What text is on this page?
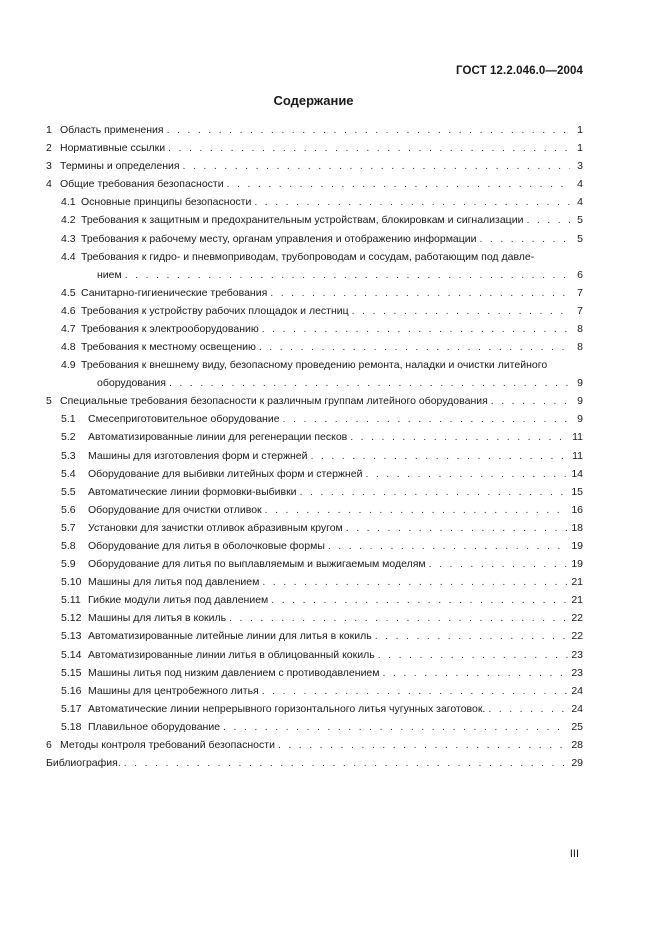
ГОСТ 12.2.046.0—2004
Содержание
1 Область применения . . .	1
2 Нормативные ссылки . . .	1
3 Термины и определения . . .	3
4 Общие требования безопасности . . .	4
4.1 Основные принципы безопасности . . .	4
4.2 Требования к защитным и предохранительным устройствам, блокировкам и сигнализации . . .	5
4.3 Требования к рабочему месту, органам управления и отображению информации . . .	5
4.4 Требования к гидро- и пневмоприводам, трубопроводам и сосудам, работающим под давле-
нием . . .	6
4.5 Санитарно-гигиенические требования . . .	7
4.6 Требования к устройству рабочих площадок и лестниц . . .	7
4.7 Требования к электрооборудованию . . .	8
4.8 Требования к местному освещению . . .	8
4.9 Требования к внешнему виду, безопасному проведению ремонта, наладки и очистки литейного
оборудования . . .	9
5 Специальные требования безопасности к различным группам литейного оборудования . . .	9
5.1	Смесеприготовительное оборудование . . .	9
5.2	Автоматизированные линии для регенерации песков . . .	11
5.3	Машины для изготовления форм и стержней . . .	11
5.4	Оборудование для выбивки литейных форм и стержней . . .	14
5.5	Автоматические линии формовки-выбивки . . .	15
5.6	Оборудование для очистки отливок . . .	16
5.7	Установки для зачистки отливок абразивным кругом . . .	18
5.8	Оборудование для литья в оболочковые формы . . .	19
5.9	Оборудование для литья по выплавляемым и выжигаемым моделям . . .	19
5.10 Машины для литья под давлением . . .	21
5.11 Гибкие модули литья под давлением . . .	21
5.12 Машины для литья в кокиль . . .	22
5.13 Автоматизированные литейные линии для литья в кокиль . . .	22
5.14 Автоматизированные линии литья в облицованный кокиль . . .	23
5.15 Машины литья под низким давлением с противодавлением . . .	23
5.16 Машины для центробежного литья . . .	24
5.17 Автоматические линии непрерывного горизонтального литья чугунных заготовок. . . .	24
5.18 Плавильное оборудование . . .	25
6 Методы контроля требований безопасности . . .	28
Библиография. . . .	29
III
